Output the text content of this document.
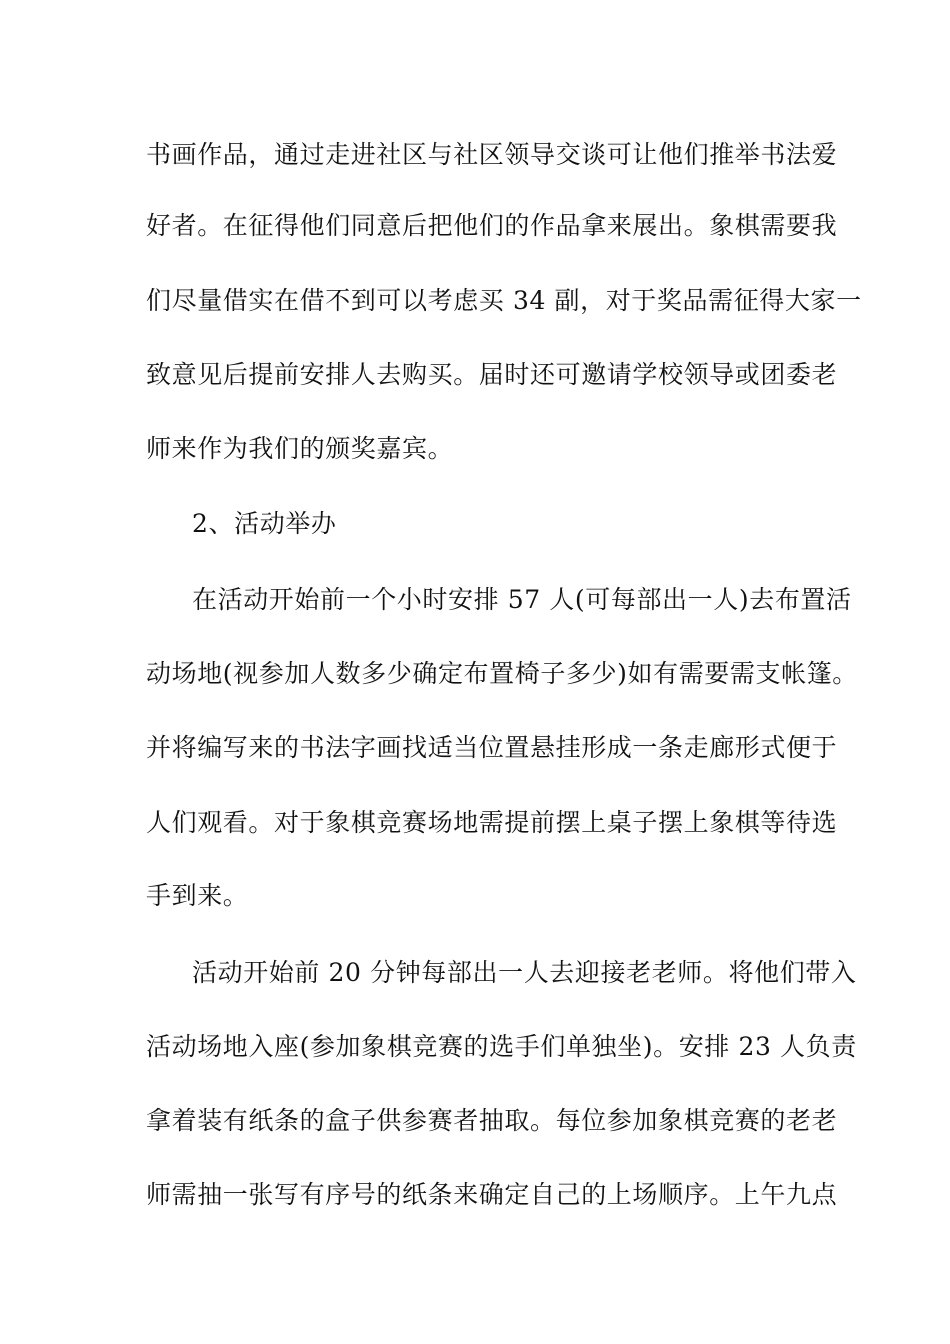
书画作品，通过走进社区与社区领导交谈可让他们推举书法爱
好者。在征得他们同意后把他们的作品拿来展出。象棋需要我
们尽量借实在借不到可以考虑买 34 副，对于奖品需征得大家一
致意见后提前安排人去购买。届时还可邀请学校领导或团委老
师来作为我们的颁奖嘉宾。
2、活动举办
在活动开始前一个小时安排 57 人(可每部出一人)去布置活
动场地(视参加人数多少确定布置椅子多少)如有需要需支帐篷。
并将编写来的书法字画找适当位置悬挂形成一条走廊形式便于
人们观看。对于象棋竞赛场地需提前摆上桌子摆上象棋等待选
手到来。
活动开始前 20 分钟每部出一人去迎接老老师。将他们带入
活动场地入座(参加象棋竞赛的选手们单独坐)。安排 23 人负责
拿着装有纸条的盒子供参赛者抽取。每位参加象棋竞赛的老老
师需抽一张写有序号的纸条来确定自己的上场顺序。上午九点
